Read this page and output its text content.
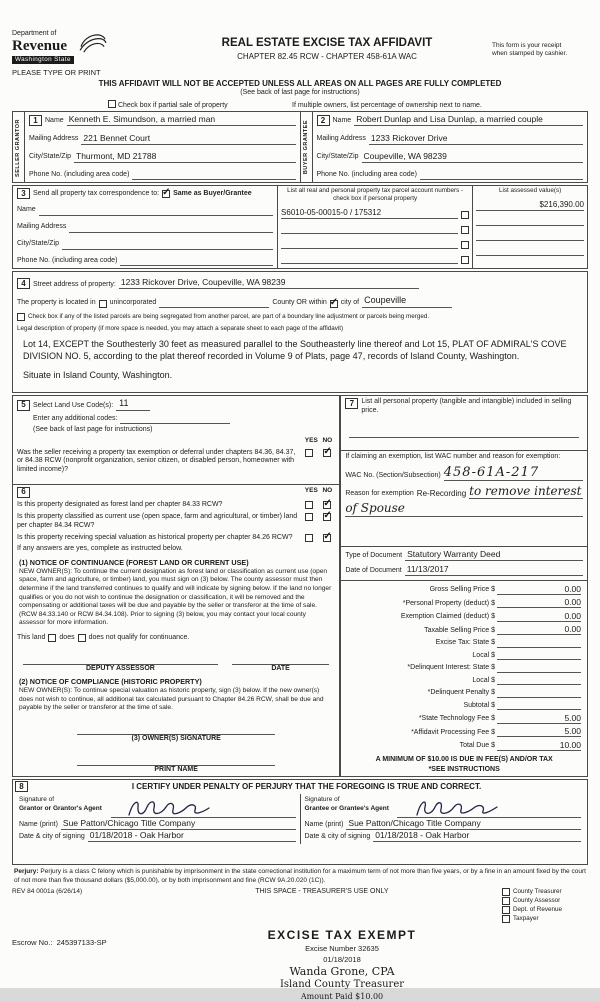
Department of
Revenue
Washington State
PLEASE TYPE OR PRINT
REAL ESTATE EXCISE TAX AFFIDAVIT
CHAPTER 82.45 RCW - CHAPTER 458-61A WAC
This form is your receipt
when stamped by cashier.
THIS AFFIDAVIT WILL NOT BE ACCEPTED UNLESS ALL AREAS ON ALL PAGES ARE FULLY COMPLETED
(See back of last page for instructions)
Check box if partial sale of property	If multiple owners, list percentage of ownership next to name.
SELLER GRANTOR	1	Name Kenneth E. Simundson, a married man
Mailing Address 221 Bennet Court
City/State/Zip Thurmont, MD 21788
Phone No. (including area code)	BUYER GRANTEE	2	Name Robert Dunlap and Lisa Dunlap, a married couple
Mailing Address 1233 Rickover Drive
City/State/Zip Coupeville, WA 98239
Phone No. (including area code)
3	Send all property tax correspondence to: ✓ Same as Buyer/Grantee
Name
Mailing Address
City/State/Zip
Phone No. (including area code)
List all real and personal property tax parcel account numbers - check box if personal property
S6010-05-00015-0 / 175312
List assessed value(s)
$216,390.00
4	Street address of property: 1233 Rickover Drive, Coupeville, WA 98239
The property is located in unincorporated	County OR within ✓ city of Coupeville
Check box if any of the listed parcels are being segregated from another parcel, are part of a boundary line adjustment or parcels being merged.
Legal description of property (if more space is needed, you may attach a separate sheet to each page of the affidavit)
Lot 14, EXCEPT the Southesterly 30 feet as measured parallel to the Southeasterly line thereof and Lot 15, PLAT OF ADMIRAL'S COVE DIVISION NO. 5, according to the plat thereof recorded in Volume 9 of Plats, page 47, records of Island County, Washington.
Situate in Island County, Washington.
5	Select Land Use Code(s): 11
Enter any additional codes:
(See back of last page for instructions)
YES NO
Was the seller receiving a property tax exemption or deferral under chapters 84.36, 84.37, or 84.38 RCW (nonprofit organization, senior citizen, or disabled person, homeowner with limited income)?
✓
6	YES NO
Is this property designated as forest land per chapter 84.33 RCW?
✓
Is this property classified as current use (open space, farm and agricultural, or timber) land per chapter 84.34 RCW?
✓
Is this property receiving special valuation as historical property per chapter 84.26 RCW?
✓
If any answers are yes, complete as instructed below.
(1) NOTICE OF CONTINUANCE (FOREST LAND OR CURRENT USE)
NEW OWNER(S): To continue the current designation as forest land or classification as current use (open space, farm and agriculture, or timber) land, you must sign on (3) below. The county assessor must then determine if the land transferred continues to qualify and will indicate by signing below. If the land no longer qualifies or you do not wish to continue the designation or classification, it will be removed and the compensating or additional taxes will be due and payable by the seller or transferor at the time of sale. (RCW 84.33.140 or RCW 84.34.108). Prior to signing (3) below, you may contact your local county assessor for more information.
This land does does not qualify for continuance.
DEPUTY ASSESSOR	DATE
(2) NOTICE OF COMPLIANCE (HISTORIC PROPERTY)
NEW OWNER(S): To continue special valuation as historic property, sign (3) below. If the new owner(s) does not wish to continue, all additional tax calculated pursuant to Chapter 84.26 RCW, shall be due and payable by the seller or transferor at the time of sale.
(3) OWNER(S) SIGNATURE
PRINT NAME
7	List all personal property (tangible and intangible) included in selling price.
If claiming an exemption, list WAC number and reason for exemption:
WAC No. (Section/Subsection) 458-61A-217
Reason for exemption Re-Recording to remove interest
of Spouse
Type of Document Statutory Warranty Deed
Date of Document 11/13/2017
Gross Selling Price
$	0.00
*Personal Property (deduct)
$	0.00
Exemption Claimed (deduct)
$	0.00
Taxable Selling Price
$	0.00
Excise Tax: State
$
Local
$
*Delinquent Interest: State
$
Local
$
*Delinquent Penalty
$
Subtotal
$
*State Technology Fee
$	5.00
*Affidavit Processing Fee
$	5.00
Total Due
$	10.00
A MINIMUM OF $10.00 IS DUE IN FEE(S) AND/OR TAX
*SEE INSTRUCTIONS
8	I CERTIFY UNDER PENALTY OF PERJURY THAT THE FOREGOING IS TRUE AND CORRECT.
Signature of
Grantor or Grantor's Agent
Name (print) Sue Patton/Chicago Title Company
Date & city of signing 01/18/2018 - Oak Harbor
Signature of
Grantee or Grantee's Agent
Name (print) Sue Patton/Chicago Title Company
Date & city of signing 01/18/2018 - Oak Harbor

Perjury: Perjury is a class C felony which is punishable by imprisonment in the state correctional institution for a maximum term of not more than five years, or by a fine in an amount fixed by the court of not more than five thousand dollars ($5,000.00), or by both imprisonment and fine (RCW 9A.20.020 (1C)).

REV 84 0001a (6/26/14)	THIS SPACE - TREASURER'S USE ONLY	County Treasurer
County Assessor
Dept. of Revenue
Taxpayer
Escrow No.: 245397133-SP
EXCISE TAX EXEMPT
Excise Number 32635
01/18/2018
Wanda Grone, CPA
Island County Treasurer
Amount Paid $10.00
